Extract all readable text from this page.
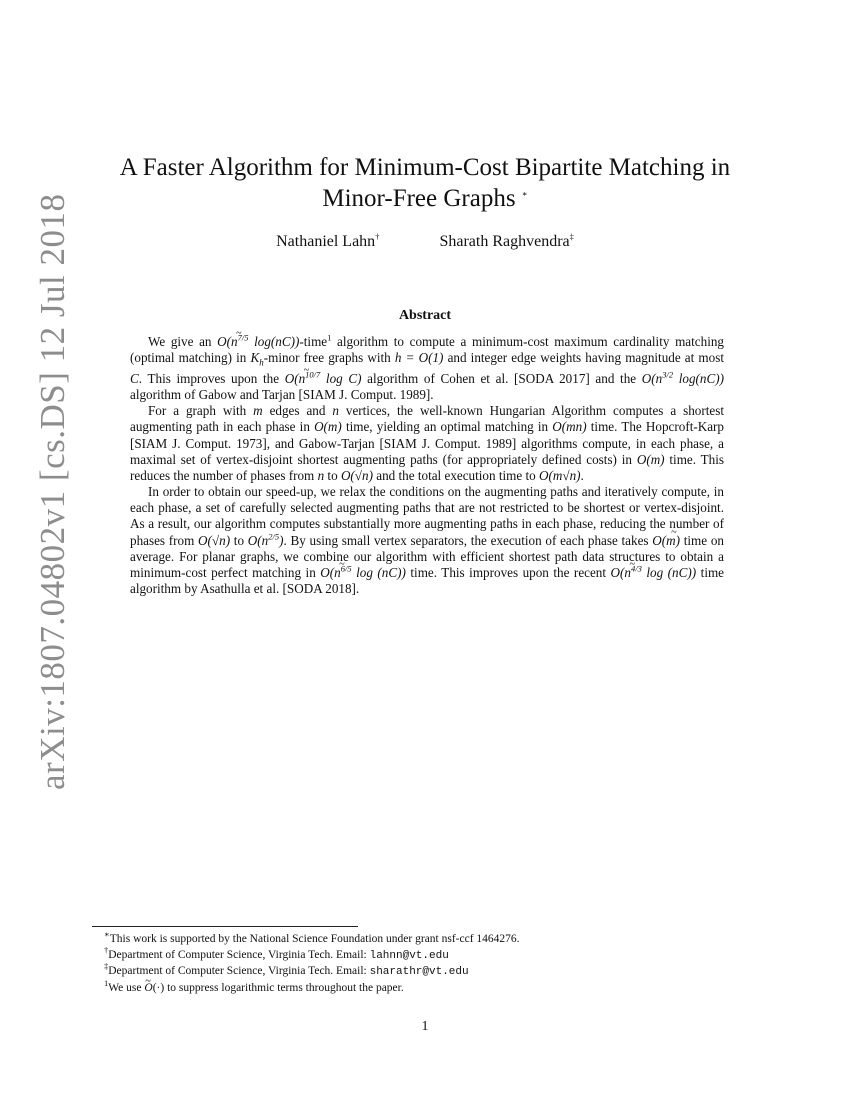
arXiv:1807.04802v1 [cs.DS] 12 Jul 2018
A Faster Algorithm for Minimum-Cost Bipartite Matching in
Minor-Free Graphs ∗
Nathaniel Lahn†	Sharath Raghvendra‡
Abstract

We give an ~ $O(n^{7/5}$ log(nC))-time$^1$ algorithm to compute a minimum-cost maximum cardinality matching (optimal matching) in $K_h$-minor free graphs with h = O(1) and integer edge weights having magnitude at most C. This improves upon the ~ $O(n^{10/7}$ log C) algorithm of Cohen et al. [SODA 2017] and the $O(n^{3/2}$ log(nC)) algorithm of Gabow and Tarjan [SIAM J. Comput. 1989].

For a graph with m edges and n vertices, the well-known Hungarian Algorithm computes a shortest augmenting path in each phase in O(m) time, yielding an optimal matching in O(mn) time. The Hopcroft-Karp [SIAM J. Comput. 1973], and Gabow-Tarjan [SIAM J. Comput. 1989] algorithms compute, in each phase, a maximal set of vertex-disjoint shortest augmenting paths (for appropriately defined costs) in O(m) time. This reduces the number of phases from n to O(√n) and the total execution time to O(m√n).

In order to obtain our speed-up, we relax the conditions on the augmenting paths and iteratively compute, in each phase, a set of carefully selected augmenting paths that are not restricted to be shortest or vertex-disjoint. As a result, our algorithm computes substantially more augmenting paths in each phase, reducing the number of phases from O(√n) to $O(n^{2/5})$. By using small vertex separators, the execution of each phase takes ~ O(m) time on average. For planar graphs, we combine our algorithm with efficient shortest path data structures to obtain a minimum-cost perfect matching in ~ $O(n^{6/5}$ log (nC)) time. This improves upon the recent ~ $O(n^{4/3}$ log (nC)) time algorithm by Asathulla et al. [SODA 2018].

∗This work is supported by the National Science Foundation under grant nsf-ccf 1464276.
†Department of Computer Science, Virginia Tech. Email: lahnn@vt.edu
‡Department of Computer Science, Virginia Tech. Email: sharathr@vt.edu
$^1$We use ~ O(·) to suppress logarithmic terms throughout the paper.
1
